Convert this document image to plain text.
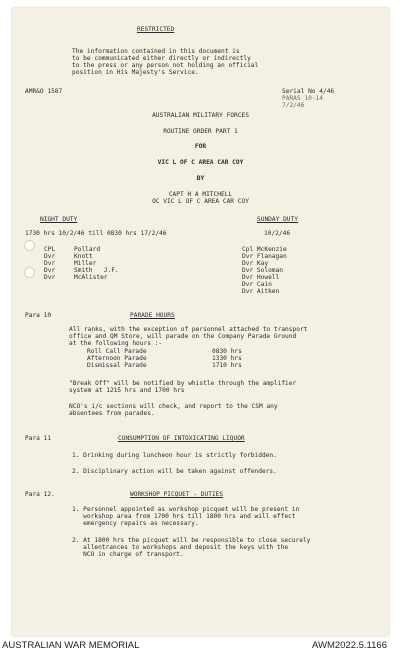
RESTRICTED
The information contained in this document is
to be communicated either directly or indirectly
to the press or any person not holding an official
position in His Majesty's Service.
AMR&O 1587	Serial No 4/46
PARAS 10-14
7/2/46
AUSTRALIAN MILITARY FORCES
ROUTINE ORDER PART 1
FOR
VIC L OF C AREA CAR COY
BY
CAPT H A MITCHELL
OC VIC L OF C AREA CAR COY
NIGHT DUTY
1730 hrs 10/2/46 till 0830 hrs 17/2/46
CPL	Pollard
Dvr	Knott
Dvr	Miller
Dvr	Smith   J.F.
Dvr	McAlister
SUNDAY DUTY
10/2/46
Cpl McKenzie
Dvr Flanagan
Dvr Kay
Dvr Soloman
Dvr Howell
Dvr Cain
Dvr Aitken
Para 10	PARADE HOURS
All ranks, with the exception of personnel attached to transport
office and QM Store, will parade on the Company Parade Ground
at the following hours :-
Roll Call Parade	0830 hrs
Afternoon Parade	1330 hrs
Dismissal Parade	1710 hrs
"Break Off" will be notified by whistle through the amplifier
system at 1215 hrs and 1700 hrs
NCO's i/c sections will check, and report to the CSM any
absentees from parades.
Para 11	CONSUMPTION OF INTOXICATING LIQUOR
1. Drinking during luncheon hour is strictly forbidden.
2. Disciplinary action will be taken against offenders.
Para 12.	WORKSHOP PICQUET - DUTIES
1. Personnel appointed as workshop picquet will be present in
workshop area from 1700 hrs till 1800 hrs and will effect
emergency repairs as necessary.
2. At 1800 hrs the picquet will be responsible to close securely
allentrances to workshops and deposit the keys with the
NCO in charge of transport.
AUSTRALIAN WAR MEMORIAL	AWM2022.5.1166
